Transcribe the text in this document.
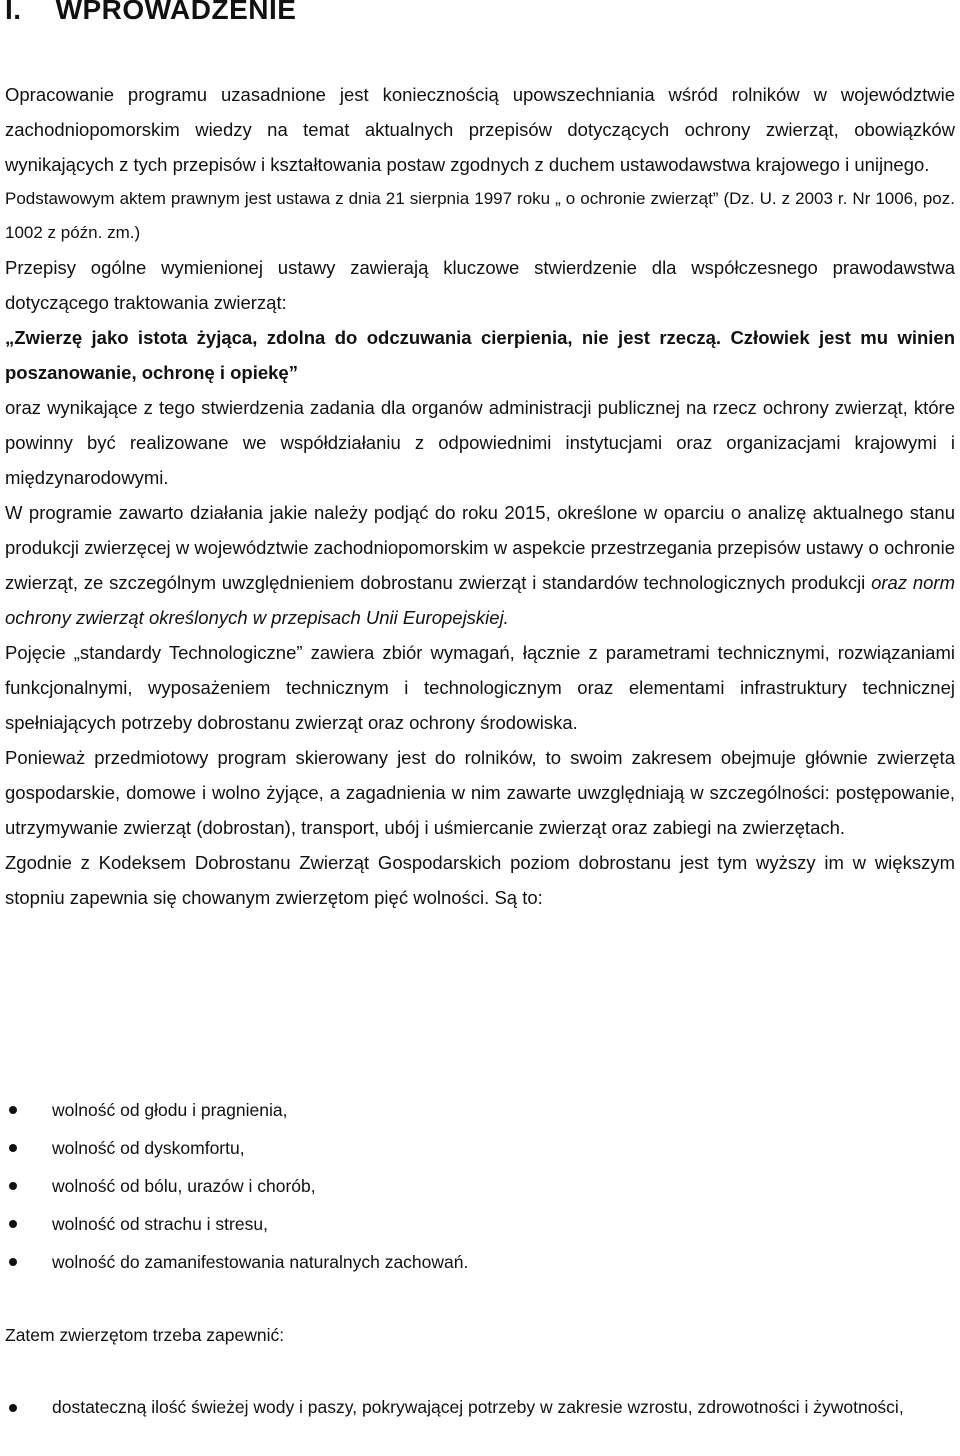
I. WPROWADZENIE

Opracowanie programu uzasadnione jest koniecznością upowszechniania wśród rolników w województwie zachodniopomorskim wiedzy na temat aktualnych przepisów dotyczących ochrony zwierząt, obowiązków wynikających z tych przepisów i kształtowania postaw zgodnych z duchem ustawodawstwa krajowego i unijnego.

Podstawowym aktem prawnym jest ustawa z dnia 21 sierpnia 1997 roku „ o ochronie zwierząt” (Dz. U. z 2003 r. Nr 1006, poz. 1002 z późn. zm.)

Przepisy ogólne wymienionej ustawy zawierają kluczowe stwierdzenie dla współczesnego prawodawstwa dotyczącego traktowania zwierząt:

„Zwierzę jako istota żyjąca, zdolna do odczuwania cierpienia, nie jest rzeczą. Człowiek jest mu winien poszanowanie, ochronę i opiekę”

oraz wynikające z tego stwierdzenia zadania dla organów administracji publicznej na rzecz ochrony zwierząt, które powinny być realizowane we współdziałaniu z odpowiednimi instytucjami oraz organizacjami krajowymi i międzynarodowymi.

W programie zawarto działania jakie należy podjąć do roku 2015, określone w oparciu o analizę aktualnego stanu produkcji zwierzęcej w województwie zachodniopomorskim w aspekcie przestrzegania przepisów ustawy o ochronie zwierząt, ze szczególnym uwzględnieniem dobrostanu zwierząt i standardów technologicznych produkcji oraz norm ochrony zwierząt określonych w przepisach Unii Europejskiej.

Pojęcie „standardy Technologiczne” zawiera zbiór wymagań, łącznie z parametrami technicznymi, rozwiązaniami funkcjonalnymi, wyposażeniem technicznym i technologicznym oraz elementami infrastruktury technicznej spełniających potrzeby dobrostanu zwierząt oraz ochrony środowiska.

Ponieważ przedmiotowy program skierowany jest do rolników, to swoim zakresem obejmuje głównie zwierzęta gospodarskie, domowe i wolno żyjące, a zagadnienia w nim zawarte uwzględniają w szczególności: postępowanie, utrzymywanie zwierząt (dobrostan), transport, ubój i uśmiercanie zwierząt oraz zabiegi na zwierzętach.

Zgodnie z Kodeksem Dobrostanu Zwierząt Gospodarskich poziom dobrostanu jest tym wyższy im w większym stopniu zapewnia się chowanym zwierzętom pięć wolności. Są to:

wolność od głodu i pragnienia,
wolność od dyskomfortu,
wolność od bólu, urazów i chorób,
wolność od strachu i stresu,
wolność do zamanifestowania naturalnych zachowań.
Zatem zwierzętom trzeba zapewnić:
dostateczną ilość świeżej wody i paszy, pokrywającej potrzeby w zakresie wzrostu, zdrowotności i żywotności,
